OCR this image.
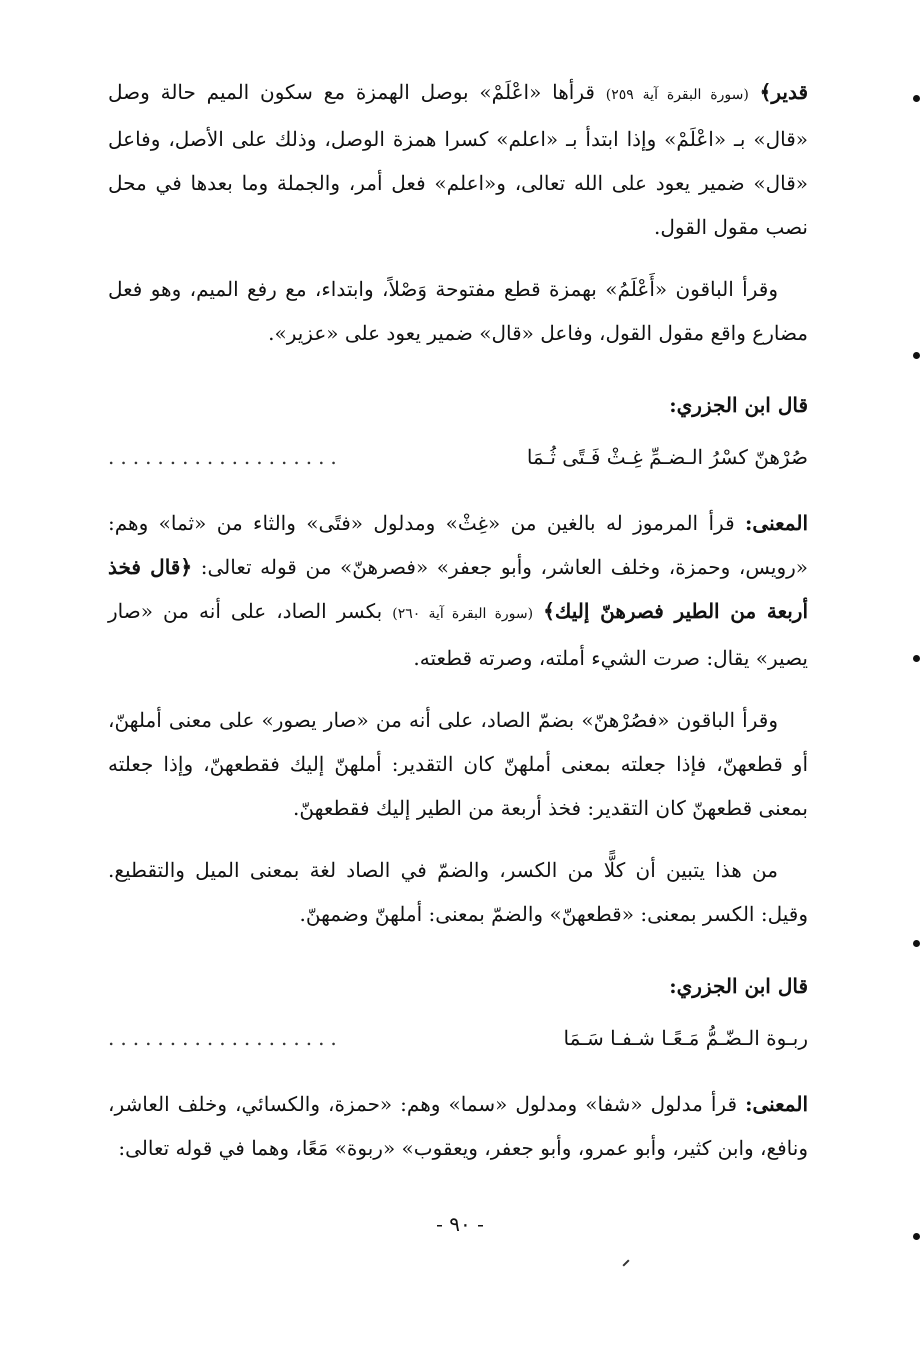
قدير﴾ (سورة البقرة آية ٢٥٩) قرأها «اعْلَمْ» بوصل الهمزة مع سكون الميم حالة وصل «قال» بـ «اعْلَمْ» وإذا ابتدأ بـ «اعلم» كسرا همزة الوصل، وذلك على الأصل، وفاعل «قال» ضمير يعود على الله تعالى، و«اعلم» فعل أمر، والجملة وما بعدها في محل نصب مقول القول.

وقرأ الباقون «أَعْلَمُ» بهمزة قطع مفتوحة وَصْلاً، وابتداء، مع رفع الميم، وهو فعل مضارع واقع مقول القول، وفاعل «قال» ضمير يعود على «عزير».

قال ابن الجزري:
صُرْهنّ كسْرُ الـضـمِّ غِـثْ فَـتًى ثُـمَا
...................

المعنى: قرأ المرموز له بالغين من «غِثْ» ومدلول «فتًى» والثاء من «ثما» وهم: «رويس، وحمزة، وخلف العاشر، وأبو جعفر» «فصرهنّ» من قوله تعالى: ﴿قال فخذ أربعة من الطير فصرهنّ إليك﴾ (سورة البقرة آية ٢٦٠) بكسر الصاد، على أنه من «صار يصير» يقال: صرت الشيء أملته، وصرته قطعته.

وقرأ الباقون «فصُرْهنّ» بضمّ الصاد، على أنه من «صار يصور» على معنى أملهنّ، أو قطعهنّ، فإذا جعلته بمعنى أملهنّ كان التقدير: أملهنّ إليك فقطعهنّ، وإذا جعلته بمعنى قطعهنّ كان التقدير: فخذ أربعة من الطير إليك فقطعهنّ.

من هذا يتبين أن كلًّا من الكسر، والضمّ في الصاد لغة بمعنى الميل والتقطيع. وقيل: الكسر بمعنى: «قطعهنّ» والضمّ بمعنى: أملهنّ وضمهنّ.

قال ابن الجزري:
ربـوة الـضّـمُّ مَـعًـا شـفـا سَـمَا
...................

المعنى: قرأ مدلول «شفا» ومدلول «سما» وهم: «حمزة، والكسائي، وخلف العاشر، ونافع، وابن كثير، وأبو عمرو، وأبو جعفر، ويعقوب» «ربوة» مَعًا، وهما في قوله تعالى:

- ٩٠ -
